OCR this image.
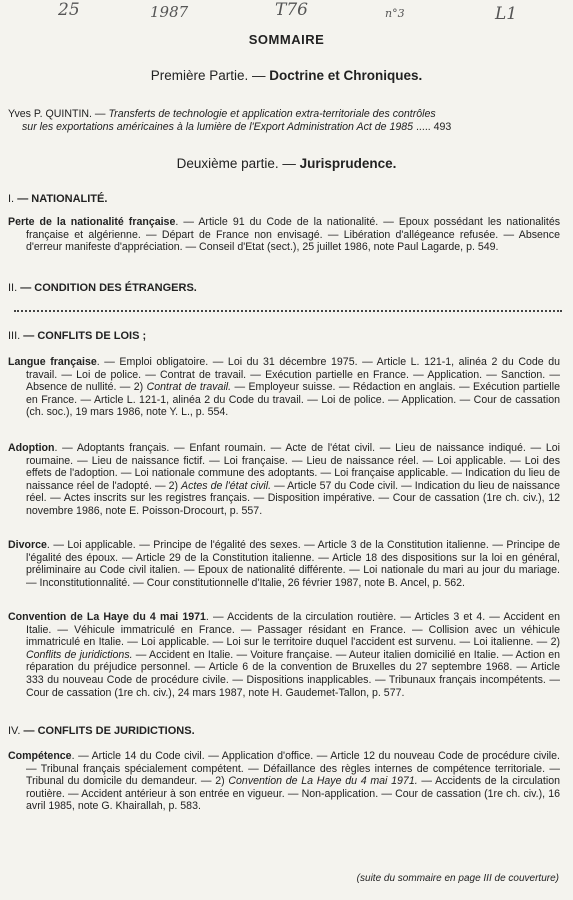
25	1987	T76	n°3	L1
SOMMAIRE
Première Partie. — Doctrine et Chroniques.
Yves P. QUINTIN. — Transferts de technologie et application extra-territoriale des contrôles
sur les exportations américaines à la lumière de l'Export Administration Act de 1985 ..... 493
Deuxième partie. — Jurisprudence.
I. — NATIONALITÉ.

Perte de la nationalité française. — Article 91 du Code de la nationalité. — Epoux possédant les nationalités française et algérienne. — Départ de France non envisagé. — Libération d'allégeance refusée. — Absence d'erreur manifeste d'appréciation. — Conseil d'Etat (sect.), 25 juillet 1986, note Paul Lagarde, p. 549.

II. — CONDITION DES ÉTRANGERS.
III. — CONFLITS DE LOIS ;

Langue française. — Emploi obligatoire. — Loi du 31 décembre 1975. — Article L. 121-1, alinéa 2 du Code du travail. — Loi de police. — Contrat de travail. — Exécution partielle en France. — Application. — Sanction. — Absence de nullité. — 2) Contrat de travail. — Employeur suisse. — Rédaction en anglais. — Exécution partielle en France. — Article L. 121-1, alinéa 2 du Code du travail. — Loi de police. — Application. — Cour de cassation (ch. soc.), 19 mars 1986, note Y. L., p. 554.

Adoption. — Adoptants français. — Enfant roumain. — Acte de l'état civil. — Lieu de naissance indiqué. — Loi roumaine. — Lieu de naissance fictif. — Loi française. — Lieu de naissance réel. — Loi applicable. — Loi des effets de l'adoption. — Loi nationale commune des adoptants. — Loi française applicable. — Indication du lieu de naissance réel de l'adopté. — 2) Actes de l'état civil. — Article 57 du Code civil. — Indication du lieu de naissance réel. — Actes inscrits sur les registres français. — Disposition impérative. — Cour de cassation (1re ch. civ.), 12 novembre 1986, note E. Poisson-Drocourt, p. 557.

Divorce. — Loi applicable. — Principe de l'égalité des sexes. — Article 3 de la Constitution italienne. — Principe de l'égalité des époux. — Article 29 de la Constitution italienne. — Article 18 des dispositions sur la loi en général, préliminaire au Code civil italien. — Epoux de nationalité différente. — Loi nationale du mari au jour du mariage. — Inconstitutionnalité. — Cour constitutionnelle d'Italie, 26 février 1987, note B. Ancel, p. 562.

Convention de La Haye du 4 mai 1971. — Accidents de la circulation routière. — Articles 3 et 4. — Accident en Italie. — Véhicule immatriculé en France. — Passager résidant en France. — Collision avec un véhicule immatriculé en Italie. — Loi applicable. — Loi sur le territoire duquel l'accident est survenu. — Loi italienne. — 2) Conflits de juridictions. — Accident en Italie. — Voiture française. — Auteur italien domicilié en Italie. — Action en réparation du préjudice personnel. — Article 6 de la convention de Bruxelles du 27 septembre 1968. — Article 333 du nouveau Code de procédure civile. — Dispositions inapplicables. — Tribunaux français incompétents. — Cour de cassation (1re ch. civ.), 24 mars 1987, note H. Gaudemet-Tallon, p. 577.

IV. — CONFLITS DE JURIDICTIONS.

Compétence. — Article 14 du Code civil. — Application d'office. — Article 12 du nouveau Code de procédure civile. — Tribunal français spécialement compétent. — Défaillance des règles internes de compétence territoriale. — Tribunal du domicile du demandeur. — 2) Convention de La Haye du 4 mai 1971. — Accidents de la circulation routière. — Accident antérieur à son entrée en vigueur. — Non-application. — Cour de cassation (1re ch. civ.), 16 avril 1985, note G. Khairallah, p. 583.

(suite du sommaire en page III de couverture)
